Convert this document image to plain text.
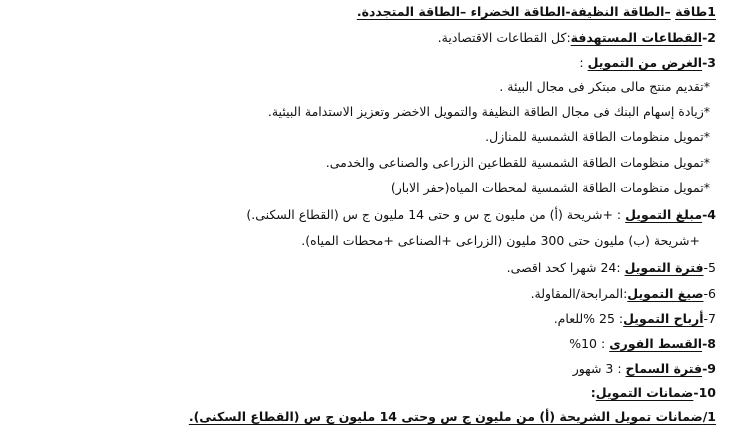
1طاقة –الطاقة النظيفة-الطاقة الخضراء –الطاقة المتجددة.
2-القطاعات المستهدفة:كل القطاعات الاقتصادية.
3-الغرض من التمويل :
*تقديم منتج مالى مبتكر فى مجال البيئة .
*زيادة إسهام البنك فى مجال الطاقة النظيفة والتمويل الاخضر وتعزيز الاستدامة البيئية.
*تمويل منظومات الطاقة الشمسية للمنازل.
*تمويل منظومات الطاقة الشمسية للقطاعين الزراعى والصناعى والخدمى.
*تمويل منظومات الطاقة الشمسية لمحطات المياه(حفر الابار)
4-مبلغ التمويل : +شريحة (أ) من مليون ج س و حتى 14 مليون ج س (القطاع السكنى.)
+شريحة (ب) مليون حتى 300 مليون (الزراعى +الصناعى +محطات المياه).
5-فترة التمويل :24 شهرا كحد اقصى.
6-صيغ التمويل:المرابحة/المقاولة.
7-أرباح التمويل: 25 %للعام.
8-القسط الفورى : 10%
9-فترة السماح : 3 شهور
10-ضمانات التمويل:
1/ضمانات تمويل الشريحة (أ) من مليون ج س وحتى 14 مليون ج س (القطاع السكنى).
